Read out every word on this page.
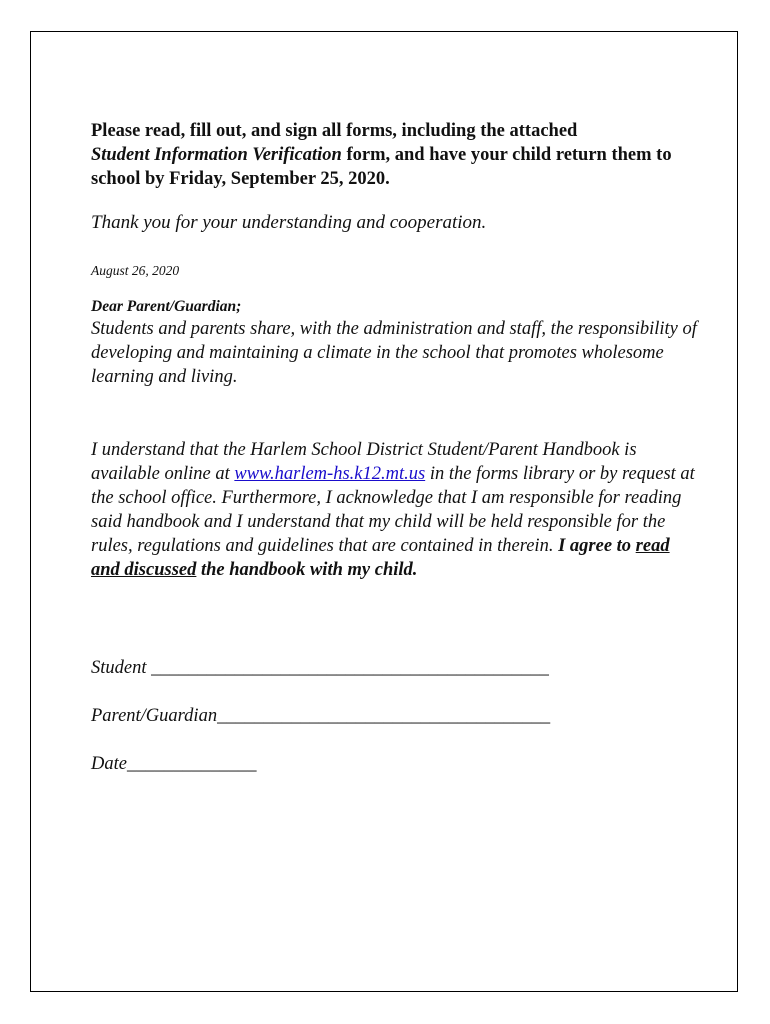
Please read, fill out, and sign all forms, including the attached
Student Information Verification form, and have your child return them to school by Friday, September 25, 2020.

Thank you for your understanding and cooperation.

August 26, 2020

Dear Parent/Guardian;

Students and parents share, with the administration and staff, the responsibility of developing and maintaining a climate in the school that promotes wholesome learning and living.

I understand that the Harlem School District Student/Parent Handbook is available online at www.harlem-hs.k12.mt.us in the forms library or by request at the school office. Furthermore, I acknowledge that I am responsible for reading said handbook and I understand that my child will be held responsible for the rules, regulations and guidelines that are contained in therein. I agree to read and discussed the handbook with my child.

Student ___________________________________________

Parent/Guardian____________________________________

Date______________
